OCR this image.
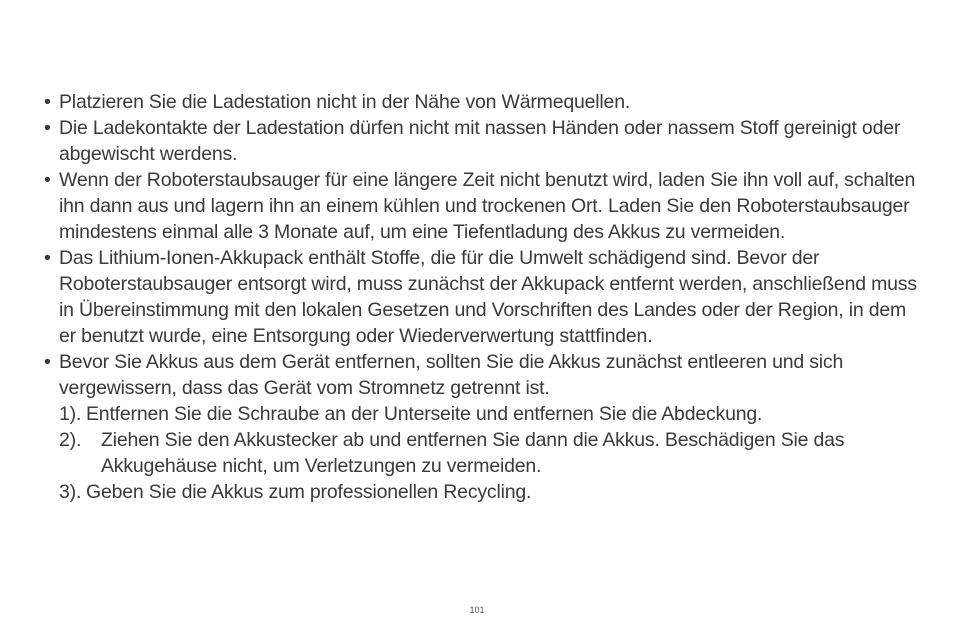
• Platzieren Sie die Ladestation nicht in der Nähe von Wärmequellen.
• Die Ladekontakte der Ladestation dürfen nicht mit nassen Händen oder nassem Stoff gereinigt oder abgewischt werdens.
• Wenn der Roboterstaubsauger für eine längere Zeit nicht benutzt wird, laden Sie ihn voll auf, schalten ihn dann aus und lagern ihn an einem kühlen und trockenen Ort. Laden Sie den Roboterstaubsauger mindestens einmal alle 3 Monate auf, um eine Tiefentladung des Akkus zu vermeiden.
• Das Lithium-Ionen-Akkupack enthält Stoffe, die für die Umwelt schädigend sind. Bevor der Roboterstaubsauger entsorgt wird, muss zunächst der Akkupack entfernt werden, anschließend muss in Übereinstimmung mit den lokalen Gesetzen und Vorschriften des Landes oder der Region, in dem er benutzt wurde, eine Entsorgung oder Wiederverwertung stattfinden.
• Bevor Sie Akkus aus dem Gerät entfernen, sollten Sie die Akkus zunächst entleeren und sich vergewissern, dass das Gerät vom Stromnetz getrennt ist.
1). Entfernen Sie die Schraube an der Unterseite und entfernen Sie die Abdeckung.
2). Ziehen Sie den Akkustecker ab und entfernen Sie dann die Akkus. Beschädigen Sie das Akkugehäuse nicht, um Verletzungen zu vermeiden.
3). Geben Sie die Akkus zum professionellen Recycling.
101
